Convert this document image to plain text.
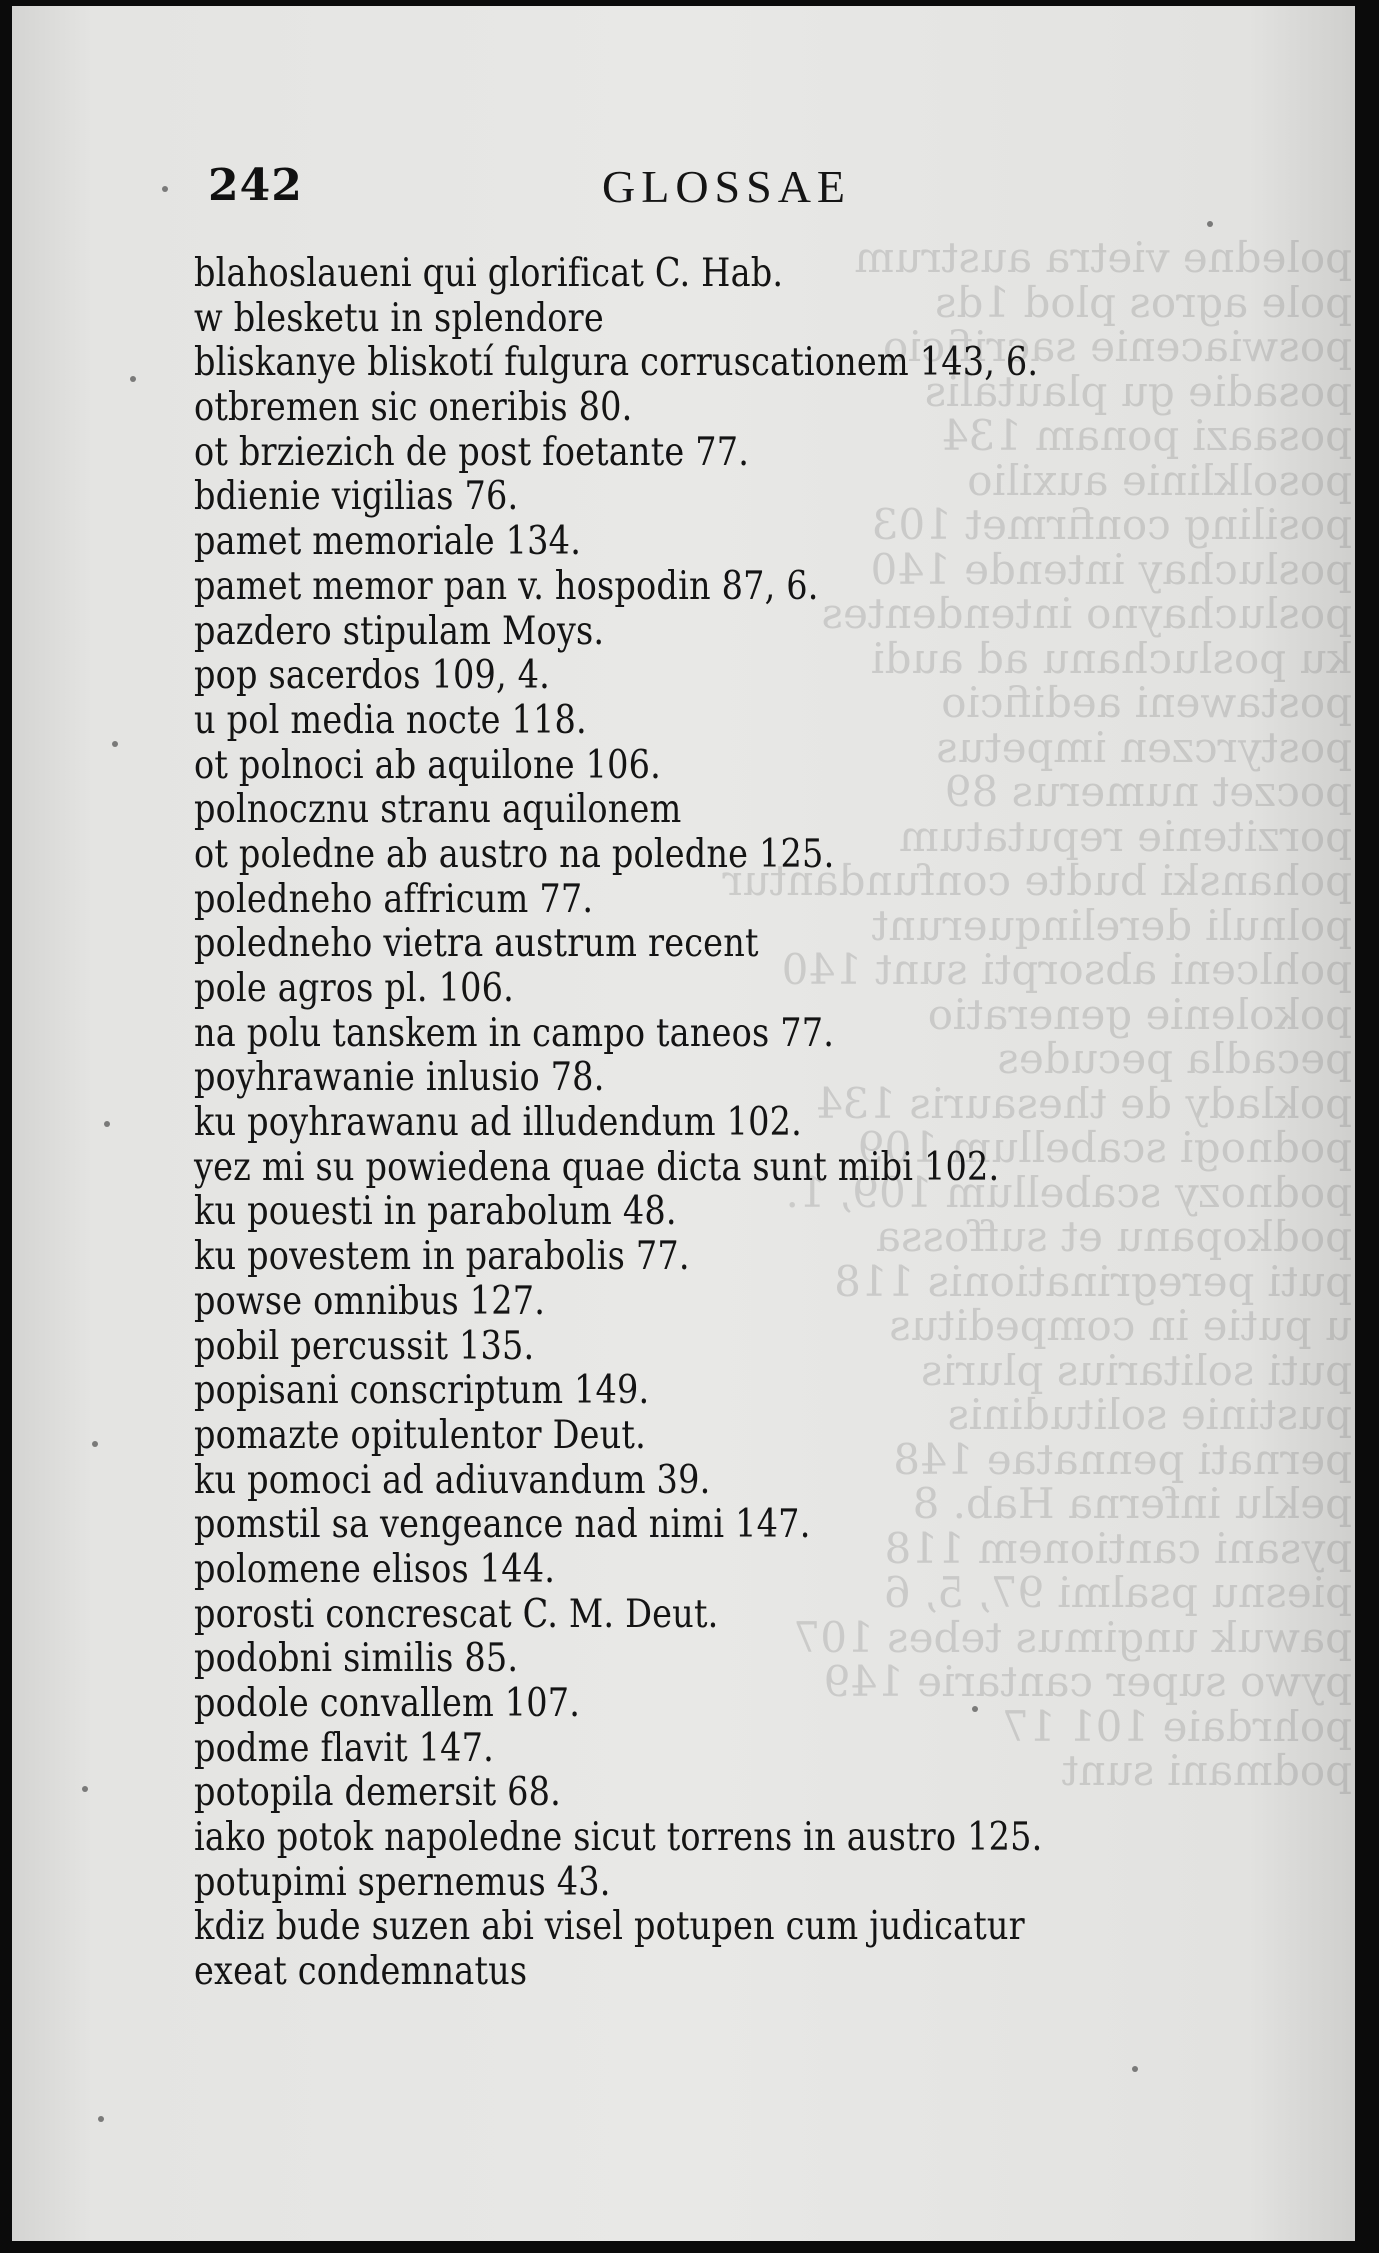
poledne vietra austrum
pole agros plod 1ds
poswiacenie sacrificio
posadie gu plautalis
posaazi ponam 134
posolklinie auxilio
posiling confirmet 103
posluchay intende 140
posluchayno intendentes
ku posluchanu ad audi
postaweni aedificio
postyrczen impetus
poczet numerus 89
porzitenie reputatum
pohanski budte confundantur
polnuli derelinquerunt
pohlceni absorpti sunt 140
pokolenie generatio
pecadla pecudes
poklady de thesauris 134
podnogi scabellum 109
podnozy scabellum 109, 1.
podkopanu et suffossa
puti peregrinationis 118
u putie in compeditus
puti solitarius pluris
pustinie solitudinis
pernati pennatae 148
peklu inferna Hab. 8
pysani cantionem 118
piesnu psalmi 97, 5, 6
pawuk ungimus tebes 107
pywo super cantarie 149
pohrdaie 101 17
podmani sunt
242	GLOSSAE
blahoslaueni qui glorificat C. Hab.
w blesketu in splendore
bliskanye bliskotí fulgura corruscationem 143, 6.
otbremen sic oneribis 80.
ot brziezich de post foetante 77.
bdienie vigilias 76.
pamet memoriale 134.
pamet memor pan v. hospodin 87, 6.
pazdero stipulam Moys.
pop sacerdos 109, 4.
u pol media nocte 118.
ot polnoci ab aquilone 106.
polnocznu stranu aquilonem
ot poledne ab austro na poledne 125.
poledneho affricum 77.
poledneho vietra austrum recent
pole agros pl. 106.
na polu tanskem in campo taneos 77.
poyhrawanie inlusio 78.
ku poyhrawanu ad illudendum 102.
yez mi su powiedena quae dicta sunt mibi 102.
ku pouesti in parabolum 48.
ku povestem in parabolis 77.
powse omnibus 127.
pobil percussit 135.
popisani conscriptum 149.
pomazte opitulentor Deut.
ku pomoci ad adiuvandum 39.
pomstil sa vengeance nad nimi 147.
polomene elisos 144.
porosti concrescat C. M. Deut.
podobni similis 85.
podole convallem 107.
podme flavit 147.
potopila demersit 68.
iako potok napoledne sicut torrens in austro 125.
potupimi spernemus 43.
kdiz bude suzen abi visel potupen cum judicatur
exeat condemnatus
